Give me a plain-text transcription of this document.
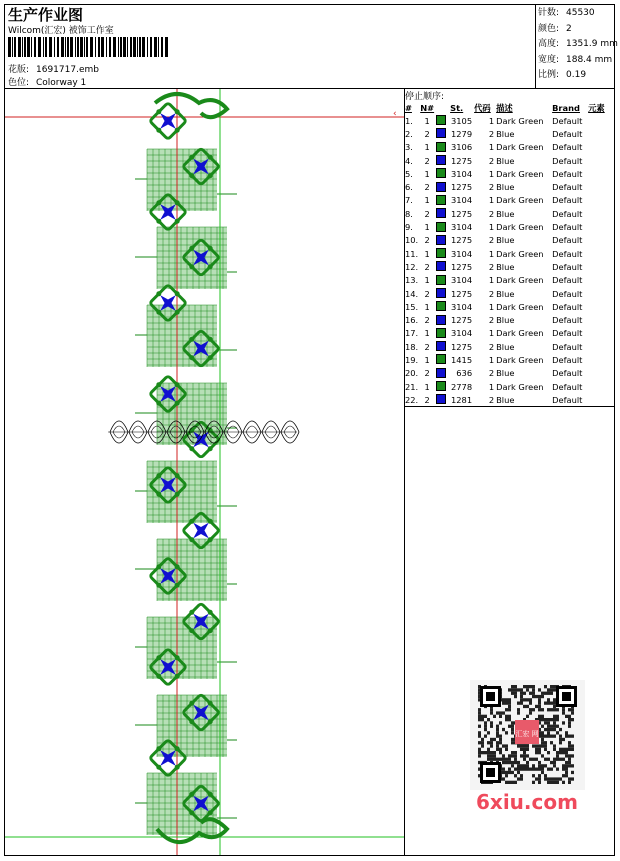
生产作业图
Wilcom(汇宏) 被饰工作室
花版: 1691717.emb
色位: Colorway 1
针数: 45530
颜色: 2
高度: 1351.9 mm
宽度: 188.4 mm
比例: 0.19
停止顺序:
#	N#		St.	代码	描述	Brand	元素
1.	1		3105	1	Dark Green	Default	
2.	2		1279	2	Blue	Default	
3.	1		3106	1	Dark Green	Default	
4.	2		1275	2	Blue	Default	
5.	1		3104	1	Dark Green	Default	
6.	2		1275	2	Blue	Default	
7.	1		3104	1	Dark Green	Default	
8.	2		1275	2	Blue	Default	
9.	1		3104	1	Dark Green	Default	
10.	2		1275	2	Blue	Default	
11.	1		3104	1	Dark Green	Default	
12.	2		1275	2	Blue	Default	
13.	1		3104	1	Dark Green	Default	
14.	2		1275	2	Blue	Default	
15.	1		3104	1	Dark Green	Default	
16.	2		1275	2	Blue	Default	
17.	1		3104	1	Dark Green	Default	
18.	2		1275	2	Blue	Default	
19.	1		1415	1	Dark Green	Default	
20.	2		636	2	Blue	Default	
21.	1		2778	1	Dark Green	Default	
22.	2		1281	2	Blue	Default	
‹
汇宏 网
6xiu.com
